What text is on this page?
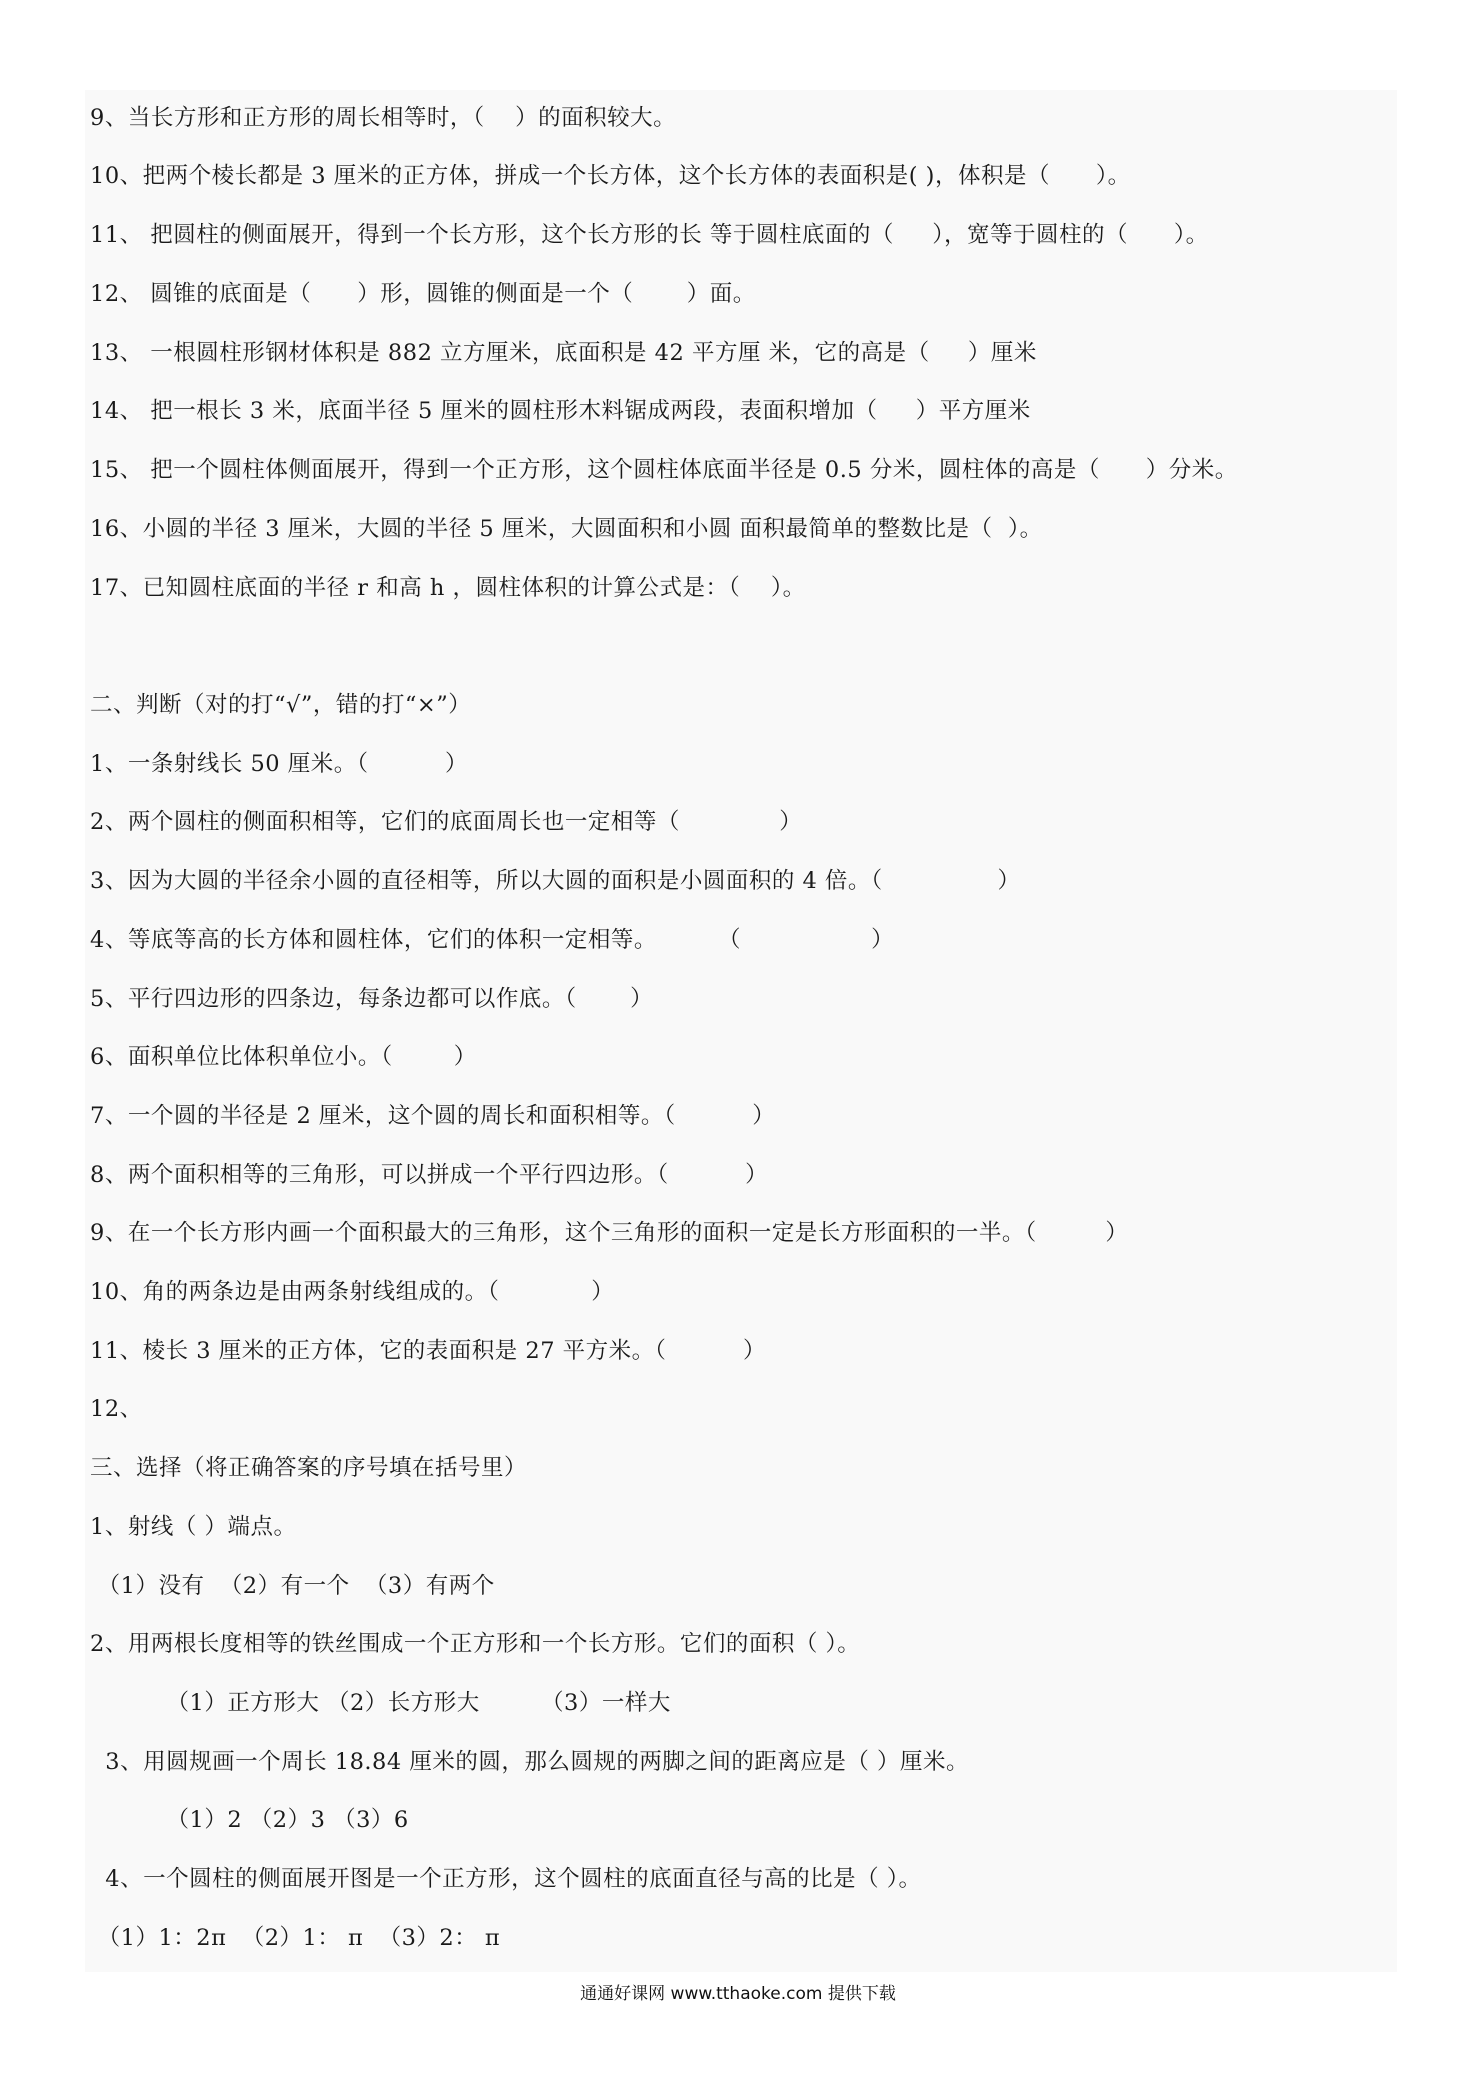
9、当长方形和正方形的周长相等时，（    ）的面积较大。
10、把两个棱长都是 3 厘米的正方体，拼成一个长方体，这个长方体的表面积是( )，体积是（      ）。
11、 把圆柱的侧面展开，得到一个长方形，这个长方形的长 等于圆柱底面的（     ），宽等于圆柱的（      ）。
12、 圆锥的底面是（      ）形，圆锥的侧面是一个（       ）面。
13、 一根圆柱形钢材体积是 882 立方厘米，底面积是 42 平方厘 米，它的高是（     ）厘米
14、 把一根长 3 米，底面半径 5 厘米的圆柱形木料锯成两段，表面积增加（     ）平方厘米
15、 把一个圆柱体侧面展开，得到一个正方形，这个圆柱体底面半径是 0.5 分米，圆柱体的高是（      ）分米。
16、小圆的半径 3 厘米，大圆的半径 5 厘米，大圆面积和小圆 面积最简单的整数比是（  ）。
17、已知圆柱底面的半径 r 和高 h ，圆柱体积的计算公式是：（    ）。
二、判断（对的打“√”，错的打“×”）
1、一条射线长 50 厘米。（          ）
2、两个圆柱的侧面积相等，它们的底面周长也一定相等（             ）
3、因为大圆的半径余小圆的直径相等，所以大圆的面积是小圆面积的 4 倍。（               ）
4、等底等高的长方体和圆柱体，它们的体积一定相等。        （                 ）
5、平行四边形的四条边，每条边都可以作底。（       ）
6、面积单位比体积单位小。（        ）
7、一个圆的半径是 2 厘米，这个圆的周长和面积相等。（          ）
8、两个面积相等的三角形，可以拼成一个平行四边形。（          ）
9、在一个长方形内画一个面积最大的三角形，这个三角形的面积一定是长方形面积的一半。（         ）
10、角的两条边是由两条射线组成的。（            ）
11、棱长 3 厘米的正方体，它的表面积是 27 平方米。（          ）
12、
三、选择（将正确答案的序号填在括号里）
1、射线（ ）端点。
（1）没有  （2）有一个  （3）有两个
2、用两根长度相等的铁丝围成一个正方形和一个长方形。它们的面积（ ）。
（1）正方形大 （2）长方形大        （3）一样大
3、用圆规画一个周长 18.84 厘米的圆，那么圆规的两脚之间的距离应是（ ）厘米。
（1）2 （2）3 （3）6
4、一个圆柱的侧面展开图是一个正方形，这个圆柱的底面直径与高的比是（ ）。
（1）1：2π  （2）1： π  （3）2： π
通通好课网 www.tthaoke.com 提供下载
